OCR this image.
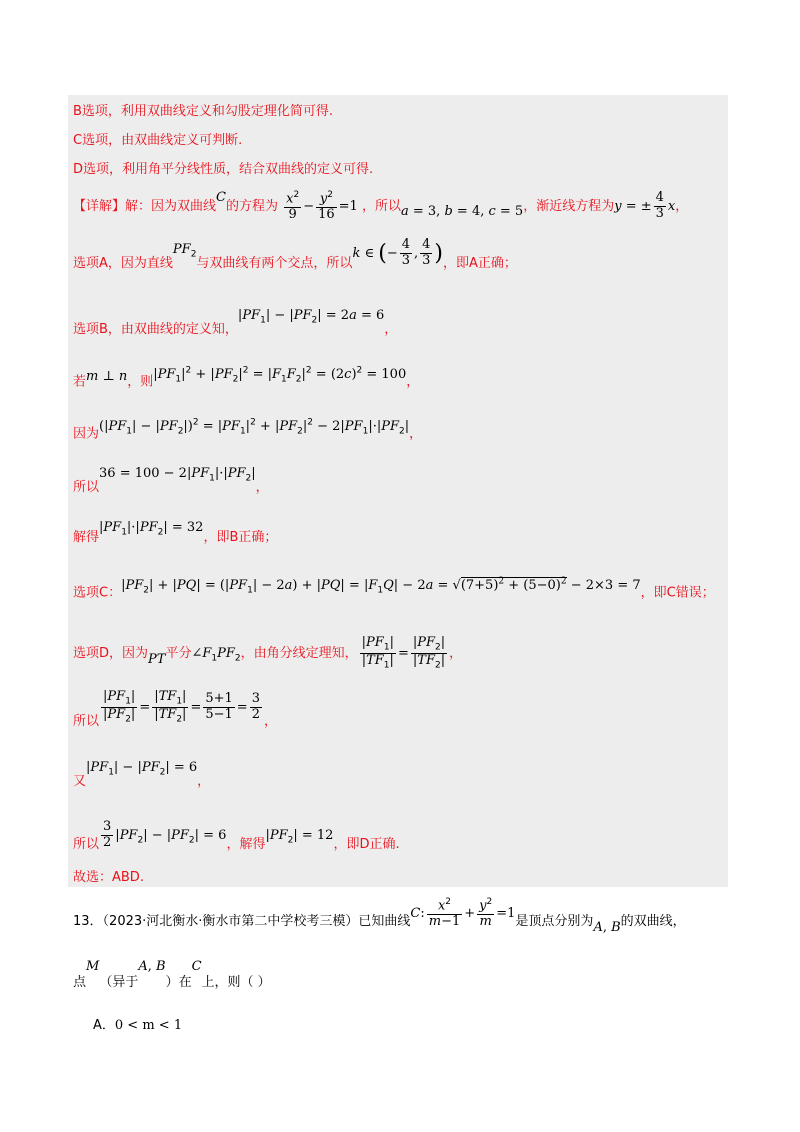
B选项，利用双曲线定义和勾股定理化简可得.
C选项，由双曲线定义可判断.
D选项，利用角平分线性质，结合双曲线的定义可得.
【详解】解：因为双曲线C的方程为 $\frac{x^2}{9} - \frac{y^2}{16} =1$ ，所以a = 3, b = 4, c = 5，渐近线方程为y = ± $\frac{4}{3}$ x，
选项A，因为直线$PF_2$与双曲线有两个交点，所以k ∈ (− $\frac{4}{3}$ , $\frac{4}{3}$ )，即A正确；
选项B，由双曲线的定义知，$|PF_1| - |PF_2| = 2a = 6$，
若m ⊥ n，则$|PF_1|^2 + |PF_2|^2 = |F_1F_2|^2 = (2c)^2 = 100$，
因为$(|PF_1| - |PF_2|)^2 = |PF_1|^2 + |PF_2|^2 - 2|PF_1|\cdot|PF_2|$，
所以$36 = 100 - 2|PF_1|\cdot|PF_2|$，
解得$|PF_1|\cdot|PF_2| = 32$，即B正确；
选项C：$|PF_2| + |PQ| = (|PF_1| - 2a) + |PQ| = |F_1Q| - 2a = √(7+5)^2 + (5-0)^2 - 2\times 3 = 7$，即C错误；
选项D，因为PT平分$\angle F_1PF_2$，由角分线定理知， $\frac{|PF_1|}{|TF_1|} = \frac{|PF_2|}{|TF_2|}$ ，
所以 $\frac{|PF_1|}{|PF_2|} = \frac{|TF_1|}{|TF_2|} = \frac{5+1}{5-1} = \frac{3}{2}$ ，
又$|PF_1| - |PF_2| = 6$，
所以 $\frac{3}{2} |PF_2| - |PF_2| = 6$，解得$|PF_2| = 12$，即D正确.
故选：ABD.
13．（2023·河北衡水·衡水市第二中学校考三模）已知曲线C: $\frac{x^2}{m-1} + \frac{y^2}{m} =1$是顶点分别为A, B的双曲线，
点M（异于A, B）在C上，则（ ）
A．0 < m < 1
